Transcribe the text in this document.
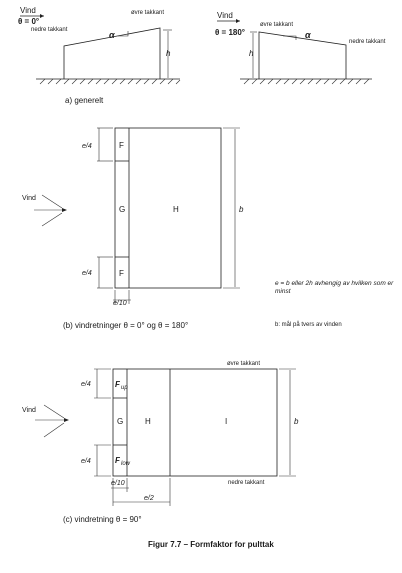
Vind
θ = 0°
nedre takkant
øvre takkant
α
h
Vind
θ = 180°
øvre takkant
nedre takkant
α
h
a) generelt
F
G	H
F
e/4
e/4
e/10
b
Vind
(b) vindretninger θ = 0° og θ = 180°
e = b eller 2h avhengig av hvilken som er minst
b: mål på tvers av vinden
øvre takkant
nedre takkant
F up
G	H	I
F low
e/4
e/4
e/10
e/2
b
Vind
(c) vindretning θ = 90°
Figur 7.7 – Formfaktor for pulttak
